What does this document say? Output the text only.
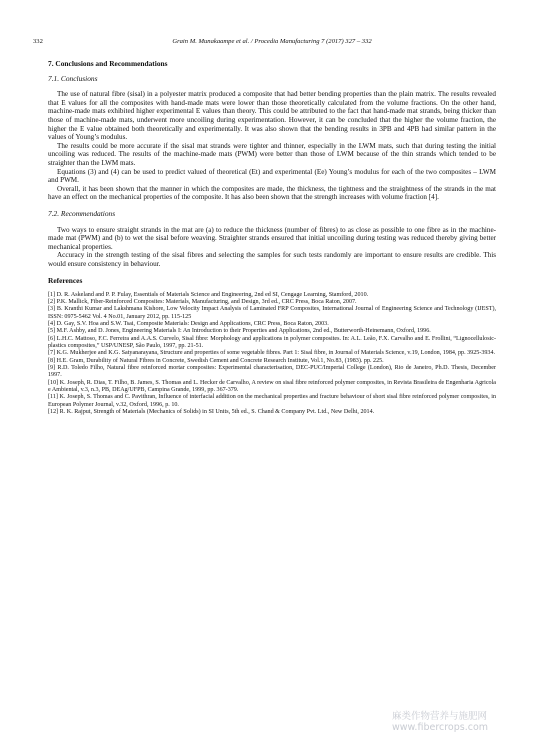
332	Grain M. Munakaampe et al. / Procedia Manufacturing 7 (2017) 327 – 332

7. Conclusions and Recommendations

7.1. Conclusions

The use of natural fibre (sisal) in a polyester matrix produced a composite that had better bending properties than the plain matrix. The results revealed that E values for all the composites with hand-made mats were lower than those theoretically calculated from the volume fractions. On the other hand, machine-made mats exhibited higher experimental E values than theory. This could be attributed to the fact that hand-made mat strands, being thicker than those of machine-made mats, underwent more uncoiling during experimentation. However, it can be concluded that the higher the volume fraction, the higher the E value obtained both theoretically and experimentally. It was also shown that the bending results in 3PB and 4PB had similar pattern in the values of Young’s modulus.

The results could be more accurate if the sisal mat strands were tighter and thinner, especially in the LWM mats, such that during testing the initial uncoiling was reduced. The results of the machine-made mats (PWM) were better than those of LWM because of the thin strands which tended to be straighter than the LWM mats.

Equations (3) and (4) can be used to predict valued of theoretical (Et) and experimental (Ee) Young’s modulus for each of the two composites – LWM and PWM.

Overall, it has been shown that the manner in which the composites are made, the thickness, the tightness and the straightness of the strands in the mat have an effect on the mechanical properties of the composite. It has also been shown that the strength increases with volume fraction [4].

7.2. Recommendations

Two ways to ensure straight strands in the mat are (a) to reduce the thickness (number of fibres) to as close as possible to one fibre as in the machine-made mat (PWM) and (b) to wet the sisal before weaving. Straighter strands ensured that initial uncoiling during testing was reduced thereby giving better mechanical properties.

Accuracy in the strength testing of the sisal fibres and selecting the samples for such tests randomly are important to ensure results are credible. This would ensure consistency in behaviour.

References

[1] D. R. Askeland and P. P. Fulay, Essentials of Materials Science and Engineering, 2nd ed SI, Cengage Learning, Stamford, 2010.

[2] P.K. Mallick, Fiber-Reinforced Composites: Materials, Manufacturing, and Design, 3rd ed., CRC Press, Boca Raton, 2007.

[3] B. Kranthi Kumar and Lakshmana Kishore, Low Velocity Impact Analysis of Laminated FRP Composites, International Journal of Engineering Science and Technology (IJEST), ISSN: 0975-5462 Vol. 4 No.01, January 2012, pp. 115-125

[4] D. Gay, S.V. Hoa and S.W. Tsai, Composite Materials: Design and Applications, CRC Press, Boca Raton, 2003.

[5] M.F. Ashby, and D. Jones, Engineering Materials I: An Introduction to their Properties and Applications, 2nd ed., Butterworth-Heinemann, Oxford, 1996.

[6] L.H.C. Mattoso, F.C. Ferreira and A.A.S. Curvelo, Sisal fibre: Morphology and applications in polymer composites. In: A.L. Leão, F.X. Carvalho and E. Frollini, “Lignocellulosic-plastics composites,” USP/UNESP, São Paulo, 1997, pp. 21-51.

[7] K.G. Mukherjee and K.G. Satyanarayana, Structure and properties of some vegetable fibres. Part 1: Sisal fibre, in Journal of Materials Science, v.19, London, 1984, pp. 3925-3934.

[8] H.E. Gram, Durability of Natural Fibres in Concrete, Swedish Cement and Concrete Research Institute, Vol.1, No.83, (1983). pp. 225.

[9] R.D. Toledo Filho, Natural fibre reinforced mortar composites: Experimental characterisation, DEC-PUC/Imperial College (London), Rio de Janeiro, Ph.D. Thesis, December 1997.

[10] K. Joseph, R. Dias, T. Filho, B. James, S. Thomas and L. Hecker de Carvalho, A review on sisal fibre reinforced polymer composites, in Revista Brasileira de Engenharia Agricola e Ambiental, v.3, n.3, PB, DEAg/UFPB, Campina Grande, 1999, pp. 367-379.

[11] K. Joseph, S. Thomas and C. Pavithran, Influence of interfacial addition on the mechanical properties and fracture behaviour of short sisal fibre reinforced polymer composites, in European Polymer Journal, v.32, Oxford, 1996, p. 10.

[12] R. K. Rajput, Strength of Materials (Mechanics of Solids) in SI Units, 5th ed., S. Chand & Company Pvt. Ltd., New Delhi, 2014.

麻类作物营养与施肥网
www.fibercrops.com
